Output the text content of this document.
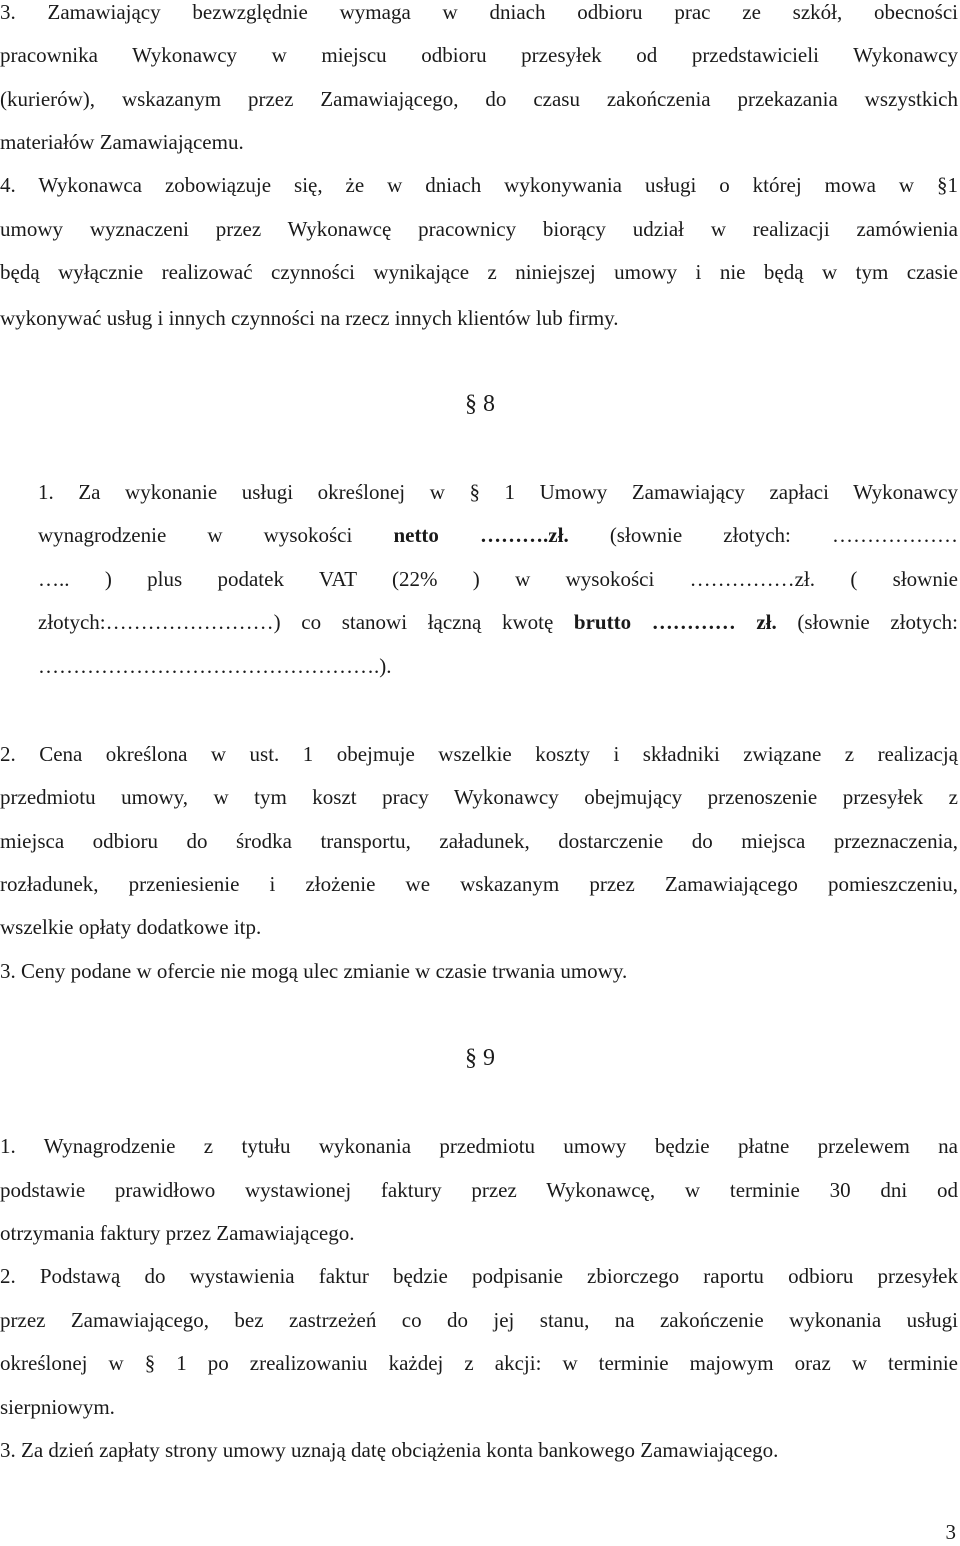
3. Zamawiający bezwzględnie wymaga w dniach odbioru prac ze szkół, obecności
pracownika Wykonawcy w miejscu odbioru przesyłek od przedstawicieli Wykonawcy
(kurierów), wskazanym przez Zamawiającego, do czasu zakończenia przekazania wszystkich
materiałów Zamawiającemu.
4. Wykonawca zobowiązuje się, że w dniach wykonywania usługi o której mowa w §1
umowy wyznaczeni przez Wykonawcę pracownicy biorący udział w realizacji zamówienia
będą wyłącznie realizować czynności wynikające z niniejszej umowy i nie będą w tym czasie
wykonywać usług i innych czynności na rzecz innych klientów lub firmy.
§ 8
1. Za wykonanie usługi określonej w § 1 Umowy Zamawiający zapłaci Wykonawcy
wynagrodzenie w wysokości netto ……….zł. (słownie złotych: ………………
….. ) plus podatek VAT (22% ) w wysokości ……………zł. ( słownie
złotych:……………………) co stanowi łączną kwotę brutto ………… zł. (słownie złotych:
………………………………………….).
2. Cena określona w ust. 1 obejmuje wszelkie koszty i składniki związane z realizacją
przedmiotu umowy, w tym koszt pracy Wykonawcy obejmujący przenoszenie przesyłek z
miejsca odbioru do środka transportu, załadunek, dostarczenie do miejsca przeznaczenia,
rozładunek, przeniesienie i złożenie we wskazanym przez Zamawiającego pomieszczeniu,
wszelkie opłaty dodatkowe itp.
3. Ceny podane w ofercie nie mogą ulec zmianie w czasie trwania umowy.
§ 9
1. Wynagrodzenie z tytułu wykonania przedmiotu umowy będzie płatne przelewem na
podstawie prawidłowo wystawionej faktury przez Wykonawcę, w terminie 30 dni od
otrzymania faktury przez Zamawiającego.
2. Podstawą do wystawienia faktur będzie podpisanie zbiorczego raportu odbioru przesyłek
przez Zamawiającego, bez zastrzeżeń co do jej stanu, na zakończenie wykonania usługi
określonej w § 1 po zrealizowaniu każdej z akcji: w terminie majowym oraz w terminie
sierpniowym.
3. Za dzień zapłaty strony umowy uznają datę obciążenia konta bankowego Zamawiającego.
3
